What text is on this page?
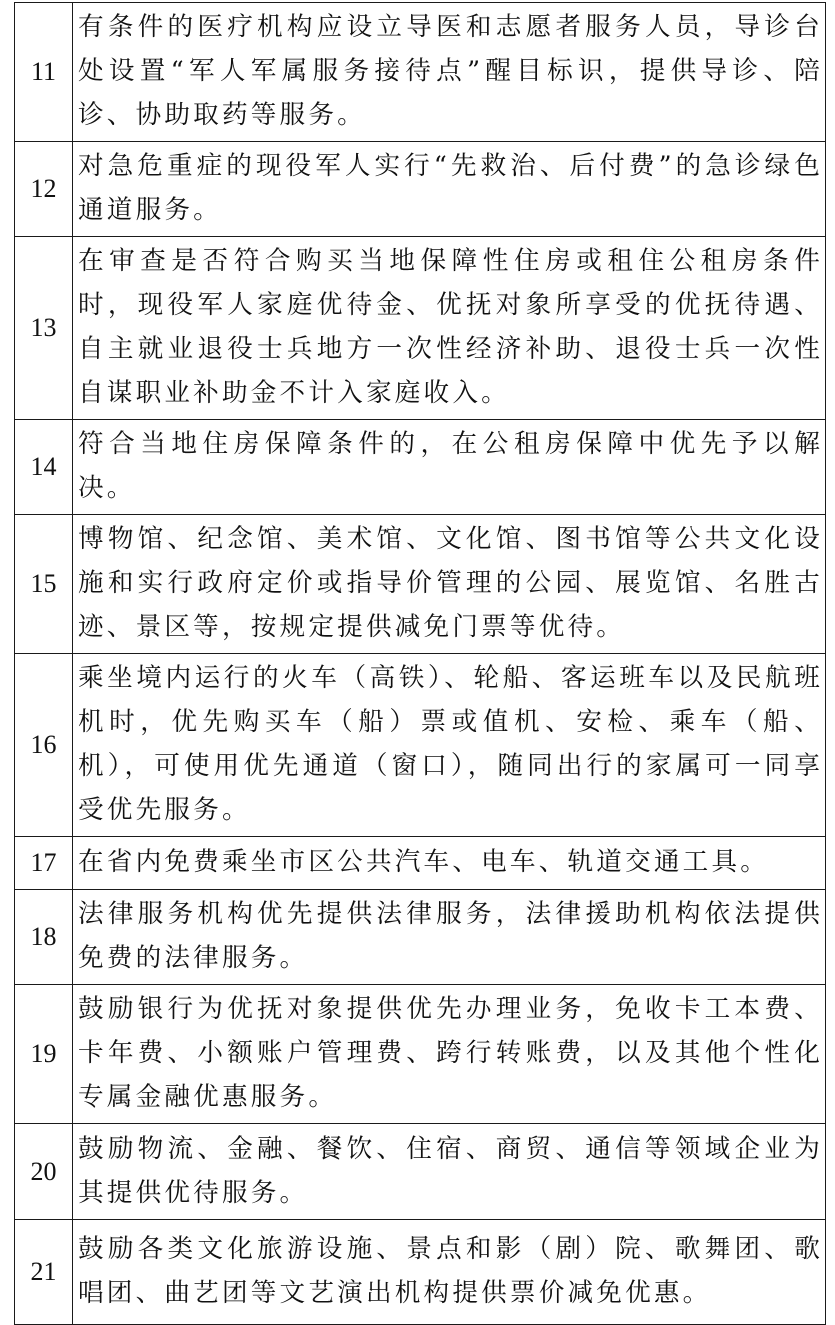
11	有条件的医疗机构应设立导医和志愿者服务人员，导诊台处设置“军人军属服务接待点”醒目标识，提供导诊、陪诊、协助取药等服务。
12	对急危重症的现役军人实行“先救治、后付费”的急诊绿色通道服务。
13	在审查是否符合购买当地保障性住房或租住公租房条件时，现役军人家庭优待金、优抚对象所享受的优抚待遇、自主就业退役士兵地方一次性经济补助、退役士兵一次性自谋职业补助金不计入家庭收入。
14	符合当地住房保障条件的，在公租房保障中优先予以解决。
15	博物馆、纪念馆、美术馆、文化馆、图书馆等公共文化设施和实行政府定价或指导价管理的公园、展览馆、名胜古迹、景区等，按规定提供减免门票等优待。
16	乘坐境内运行的火车（高铁）、轮船、客运班车以及民航班机时，优先购买车（船）票或值机、安检、乘车（船、机），可使用优先通道（窗口），随同出行的家属可一同享受优先服务。
17	在省内免费乘坐市区公共汽车、电车、轨道交通工具。
18	法律服务机构优先提供法律服务，法律援助机构依法提供免费的法律服务。
19	鼓励银行为优抚对象提供优先办理业务，免收卡工本费、卡年费、小额账户管理费、跨行转账费，以及其他个性化专属金融优惠服务。
20	鼓励物流、金融、餐饮、住宿、商贸、通信等领域企业为其提供优待服务。
21	鼓励各类文化旅游设施、景点和影（剧）院、歌舞团、歌唱团、曲艺团等文艺演出机构提供票价减免优惠。
